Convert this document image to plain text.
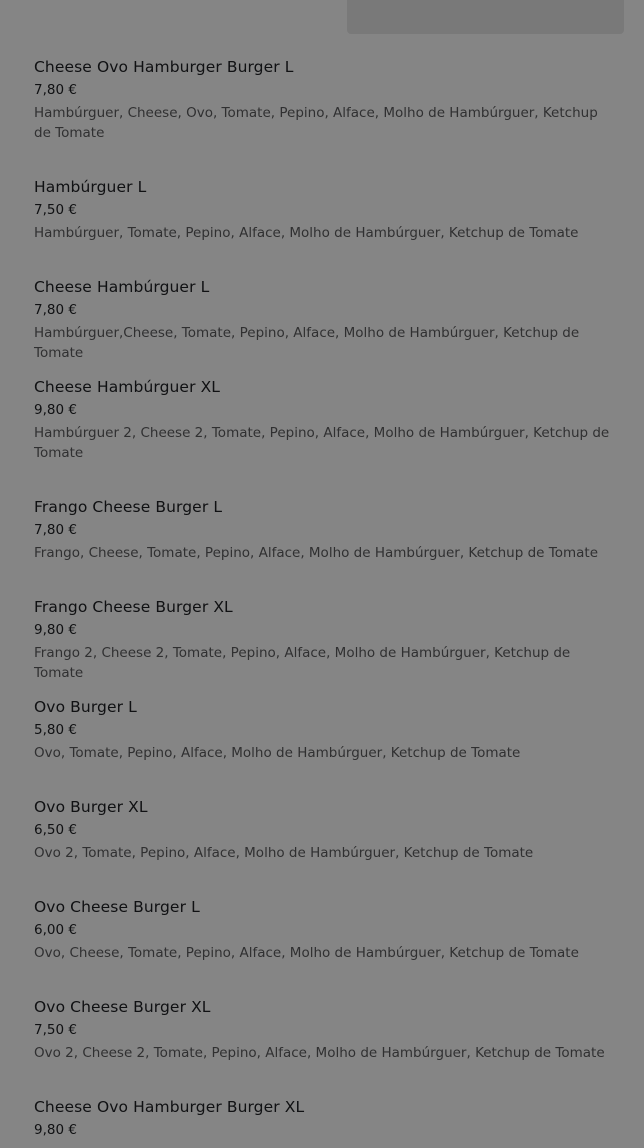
Cheese Ovo Hamburger Burger L
7,80 €
Hambúrguer, Cheese, Ovo, Tomate, Pepino, Alface, Molho de Hambúrguer, Ketchup de Tomate
Hambúrguer L
7,50 €
Hambúrguer, Tomate, Pepino, Alface, Molho de Hambúrguer, Ketchup de Tomate
Cheese Hambúrguer L
7,80 €
Hambúrguer,Cheese, Tomate, Pepino, Alface, Molho de Hambúrguer, Ketchup de Tomate
Cheese Hambúrguer XL
9,80 €
Hambúrguer 2, Cheese 2, Tomate, Pepino, Alface, Molho de Hambúrguer, Ketchup de Tomate
Frango Cheese Burger L
7,80 €
Frango, Cheese, Tomate, Pepino, Alface, Molho de Hambúrguer, Ketchup de Tomate
Frango Cheese Burger XL
9,80 €
Frango 2, Cheese 2, Tomate, Pepino, Alface, Molho de Hambúrguer, Ketchup de Tomate
Ovo Burger L
5,80 €
Ovo, Tomate, Pepino, Alface, Molho de Hambúrguer, Ketchup de Tomate
Ovo Burger XL
6,50 €
Ovo 2, Tomate, Pepino, Alface, Molho de Hambúrguer, Ketchup de Tomate
Ovo Cheese Burger L
6,00 €
Ovo, Cheese, Tomate, Pepino, Alface, Molho de Hambúrguer, Ketchup de Tomate
Ovo Cheese Burger XL
7,50 €
Ovo 2, Cheese 2, Tomate, Pepino, Alface, Molho de Hambúrguer, Ketchup de Tomate
Cheese Ovo Hamburger Burger XL
9,80 €
